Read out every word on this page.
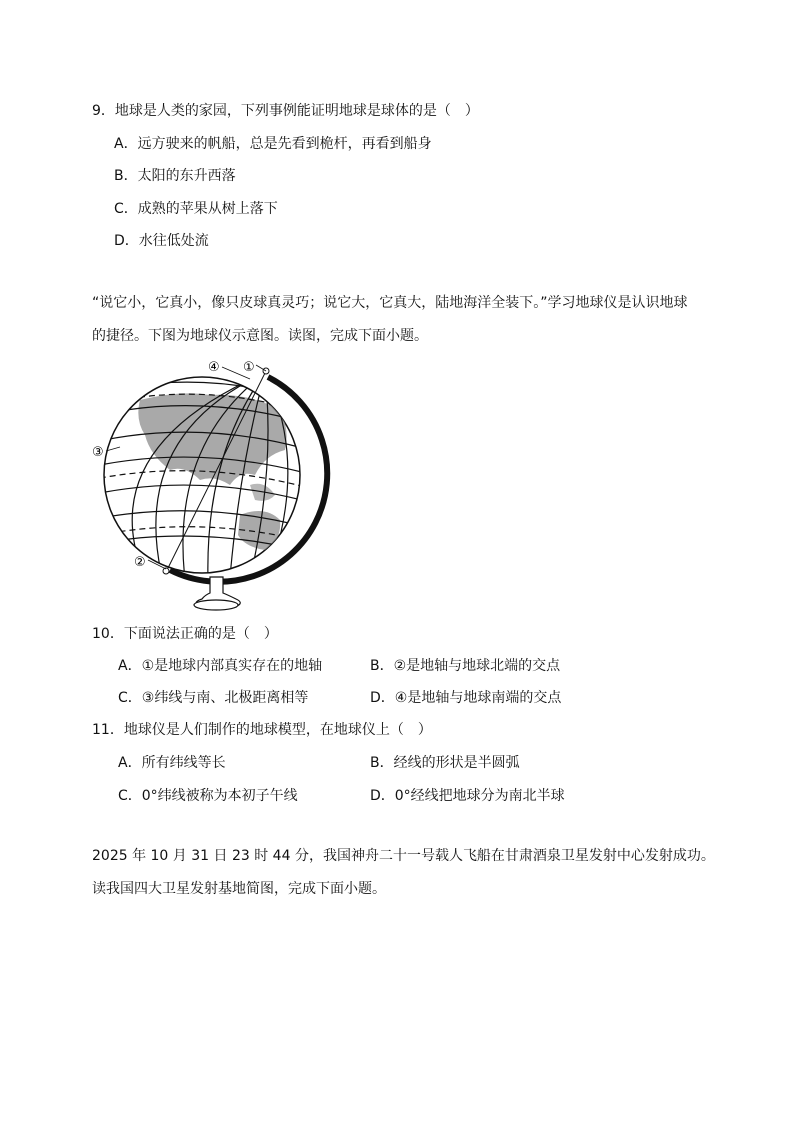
9．地球是人类的家园，下列事例能证明地球是球体的是（　）
A．远方驶来的帆船，总是先看到桅杆，再看到船身
B．太阳的东升西落
C．成熟的苹果从树上落下
D．水往低处流
“说它小，它真小，像只皮球真灵巧；说它大，它真大，陆地海洋全装下。”学习地球仪是认识地球
的捷径。下图为地球仪示意图。读图，完成下面小题。
①
④
③
②
10．下面说法正确的是（　）
A．①是地球内部真实存在的地轴	B．②是地轴与地球北端的交点
C．③纬线与南、北极距离相等	D．④是地轴与地球南端的交点
11．地球仪是人们制作的地球模型，在地球仪上（　）
A．所有纬线等长	B．经线的形状是半圆弧
C．0°纬线被称为本初子午线	D．0°经线把地球分为南北半球
2025 年 10 月 31 日 23 时 44 分，我国神舟二十一号载人飞船在甘肃酒泉卫星发射中心发射成功。
读我国四大卫星发射基地简图，完成下面小题。
